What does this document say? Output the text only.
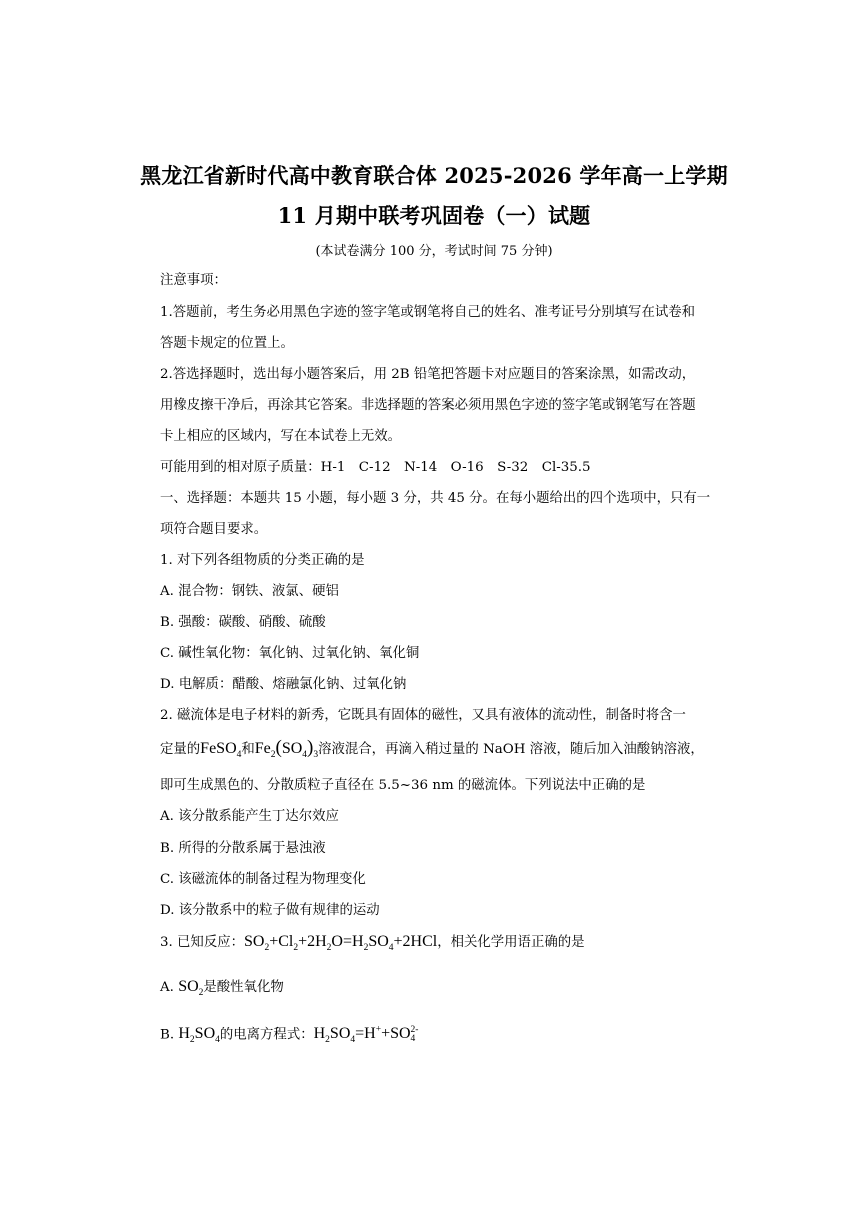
黑龙江省新时代高中教育联合体 2025-2026 学年高一上学期
11 月期中联考巩固卷（一）试题
(本试卷满分 100 分，考试时间 75 分钟)
注意事项：
1.答题前，考生务必用黑色字迹的签字笔或钢笔将自己的姓名、准考证号分别填写在试卷和
答题卡规定的位置上。
2.答选择题时，选出每小题答案后，用 2B 铅笔把答题卡对应题目的答案涂黑，如需改动，
用橡皮擦干净后，再涂其它答案。非选择题的答案必须用黑色字迹的签字笔或钢笔写在答题
卡上相应的区域内，写在本试卷上无效。
可能用到的相对原子质量：H-1　C-12　N-14　O-16　S-32　Cl-35.5
一、选择题：本题共 15 小题，每小题 3 分，共 45 分。在每小题给出的四个选项中，只有一
项符合题目要求。
1. 对下列各组物质的分类正确的是
A. 混合物：钢铁、液氯、硬铝
B. 强酸：碳酸、硝酸、硫酸
C. 碱性氧化物：氧化钠、过氧化钠、氧化铜
D. 电解质：醋酸、熔融氯化钠、过氧化钠
2. 磁流体是电子材料的新秀，它既具有固体的磁性，又具有液体的流动性，制备时将含一
定量的FeSO$_4$和$Fe_2(SO_4)_3$溶液混合，再滴入稍过量的 NaOH 溶液，随后加入油酸钠溶液，
即可生成黑色的、分散质粒子直径在 5.5~36 nm 的磁流体。下列说法中正确的是
A. 该分散系能产生丁达尔效应
B. 所得的分散系属于悬浊液
C. 该磁流体的制备过程为物理变化
D. 该分散系中的粒子做有规律的运动
3. 已知反应：$SO_2+Cl_2+2H_2O=H_2SO_4+2HCl$，相关化学用语正确的是
A. $SO_2$是酸性氧化物
B. $H_2SO_4$的电离方程式：$H_2SO_4=H^++SO$ 2-
4
